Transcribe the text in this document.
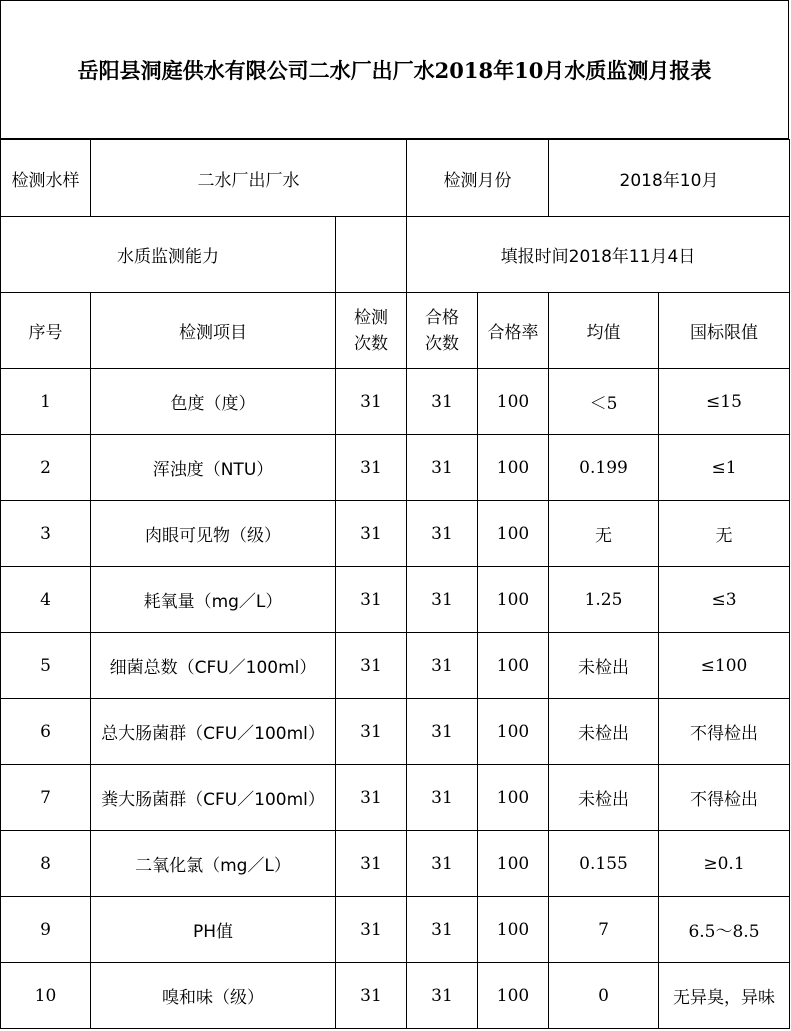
岳阳县洞庭供水有限公司二水厂出厂水2018年10月水质监测月报表
检测水样	二水厂出厂水		检测月份		2018年10月	
水质监测能力			填报时间2018年11月4日			
序号	检测项目	检测次数	合格次数	合格率	均值	国标限值
1	色度（度）	31	31	100	＜5	≤15
2	浑浊度（NTU）	31	31	100	0.199	≤1
3	肉眼可见物（级）	31	31	100	无	无
4	耗氧量（mg／L）	31	31	100	1.25	≤3
5	细菌总数（CFU／100ml）	31	31	100	未检出	≤100
6	总大肠菌群（CFU／100ml）	31	31	100	未检出	不得检出
7	粪大肠菌群（CFU／100ml）	31	31	100	未检出	不得检出
8	二氧化氯（mg／L）	31	31	100	0.155	≥0.1
9	PH值	31	31	100	7	6.5～8.5
10	嗅和味（级）	31	31	100	0	无异臭，异味
